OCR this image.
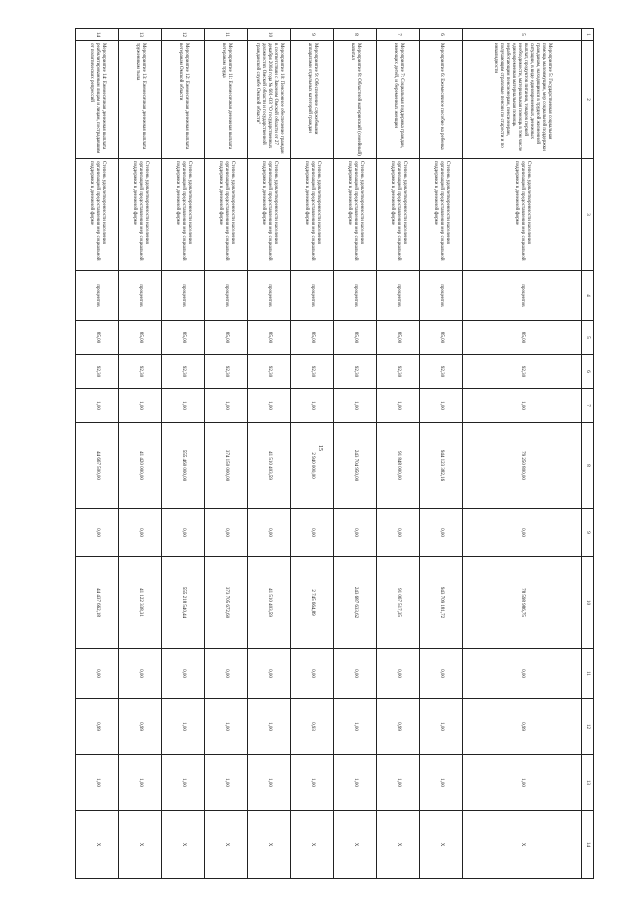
15
1	2	3	4	5	6	7	8	9	10	11	12	13	14
5	Мероприятие 5: Государственная социальная помощь малоимущим, мер социальной поддержки гражданам, находящимся в трудной жизненной ситуации, в виде единовременных денежных выплат, продуктов питания, товаров первой необходимости, материальная помощь в том числе единовременная материальная помощь неработающим пенсионерам, пенсионерам, получающим страховые пенсии по старости и по инвалидности	Степень удовлетворенности населения организацией предоставления мер социальной поддержки в денежной форме	процентов	85,00	92,30	1,00	79 250 800,00	0,00	78 598 986,75	0,00	0,99	1,00	X
6	Мероприятие 6: Ежемесячное пособие на ребенка	Степень удовлетворенности населения организацией предоставления мер социальной поддержки в денежной форме	процентов	85,00	92,30	1,00	944 123 382,16	0,00	943 709 181,72	0,00	1,00	1,00	X
7	Мероприятие 7: Социальная поддержка граждан, имеющих детей, и беременных женщин	Степень удовлетворенности населения организацией предоставления мер социальной поддержки в денежной форме	процентов	85,00	92,30	1,00	91 848 000,00	0,00	91 067 517,35	0,00	0,99	1,00	X
8	Мероприятие 8: Областной материнский (семейный) капитал	Степень удовлетворенности населения организацией предоставления мер социальной поддержки в денежной форме	процентов	85,00	92,30	1,00	243 704 950,00	0,00	243 687 633,62	0,00	1,00	1,00	X
9	Мероприятие 9: Обеспечение служебными аппаратами отдельных категорий граждан	Степень удовлетворенности населения организацией предоставления мер социальной поддержки в денежной форме	процентов	85,00	92,30	1,00	2 940 000,00	0,00	2 745 664,89	0,00	0,93	1,00	X
10	Мероприятие 10: Пенсионное обеспечение граждан в соответствии с Законом Омской области от 27 декабря 2004 года № 601-ОЗ "О государственных должностях Омской области и государственной гражданской службе Омской области"	Степень удовлетворенности населения организацией предоставления мер социальной поддержки в денежной форме	процентов	85,00	92,30	1,00	41 510 403,59	0,00	41 510 403,59	0,00	1,00	1,00	X
11	Мероприятие 11: Ежемесячная денежная выплата ветеранам труда	Степень удовлетворенности населения организацией предоставления мер социальной поддержки в денежной форме	процентов	85,00	92,30	1,00	374 150 000,00	0,00	373 705 672,60	0,00	1,00	1,00	X
12	Мероприятие 12: Ежемесячная денежная выплата ветеранам Омской области	Степень удовлетворенности населения организацией предоставления мер социальной поддержки в денежной форме	процентов	85,00	92,30	1,00	555 460 000,00	0,00	555 218 540,44	0,00	1,00	1,00	X
13	Мероприятие 13: Ежемесячная денежная выплата труженикам тыла	Степень удовлетворенности населения организацией предоставления мер социальной поддержки в денежной форме	процентов	85,00	92,30	1,00	41 420 000,00	0,00	41 122 338,31	0,00	0,99	1,00	X
14	Мероприятие 14: Ежемесячная денежная выплата реабилитированным лицам и лицам, пострадавшим от политических репрессий	Степень удовлетворенности населения организацией предоставления мер социальной поддержки в денежной форме	процентов	85,00	92,30	1,00	44 667 500,00	0,00	44 437 662,18	0,00	0,99	1,00	X
